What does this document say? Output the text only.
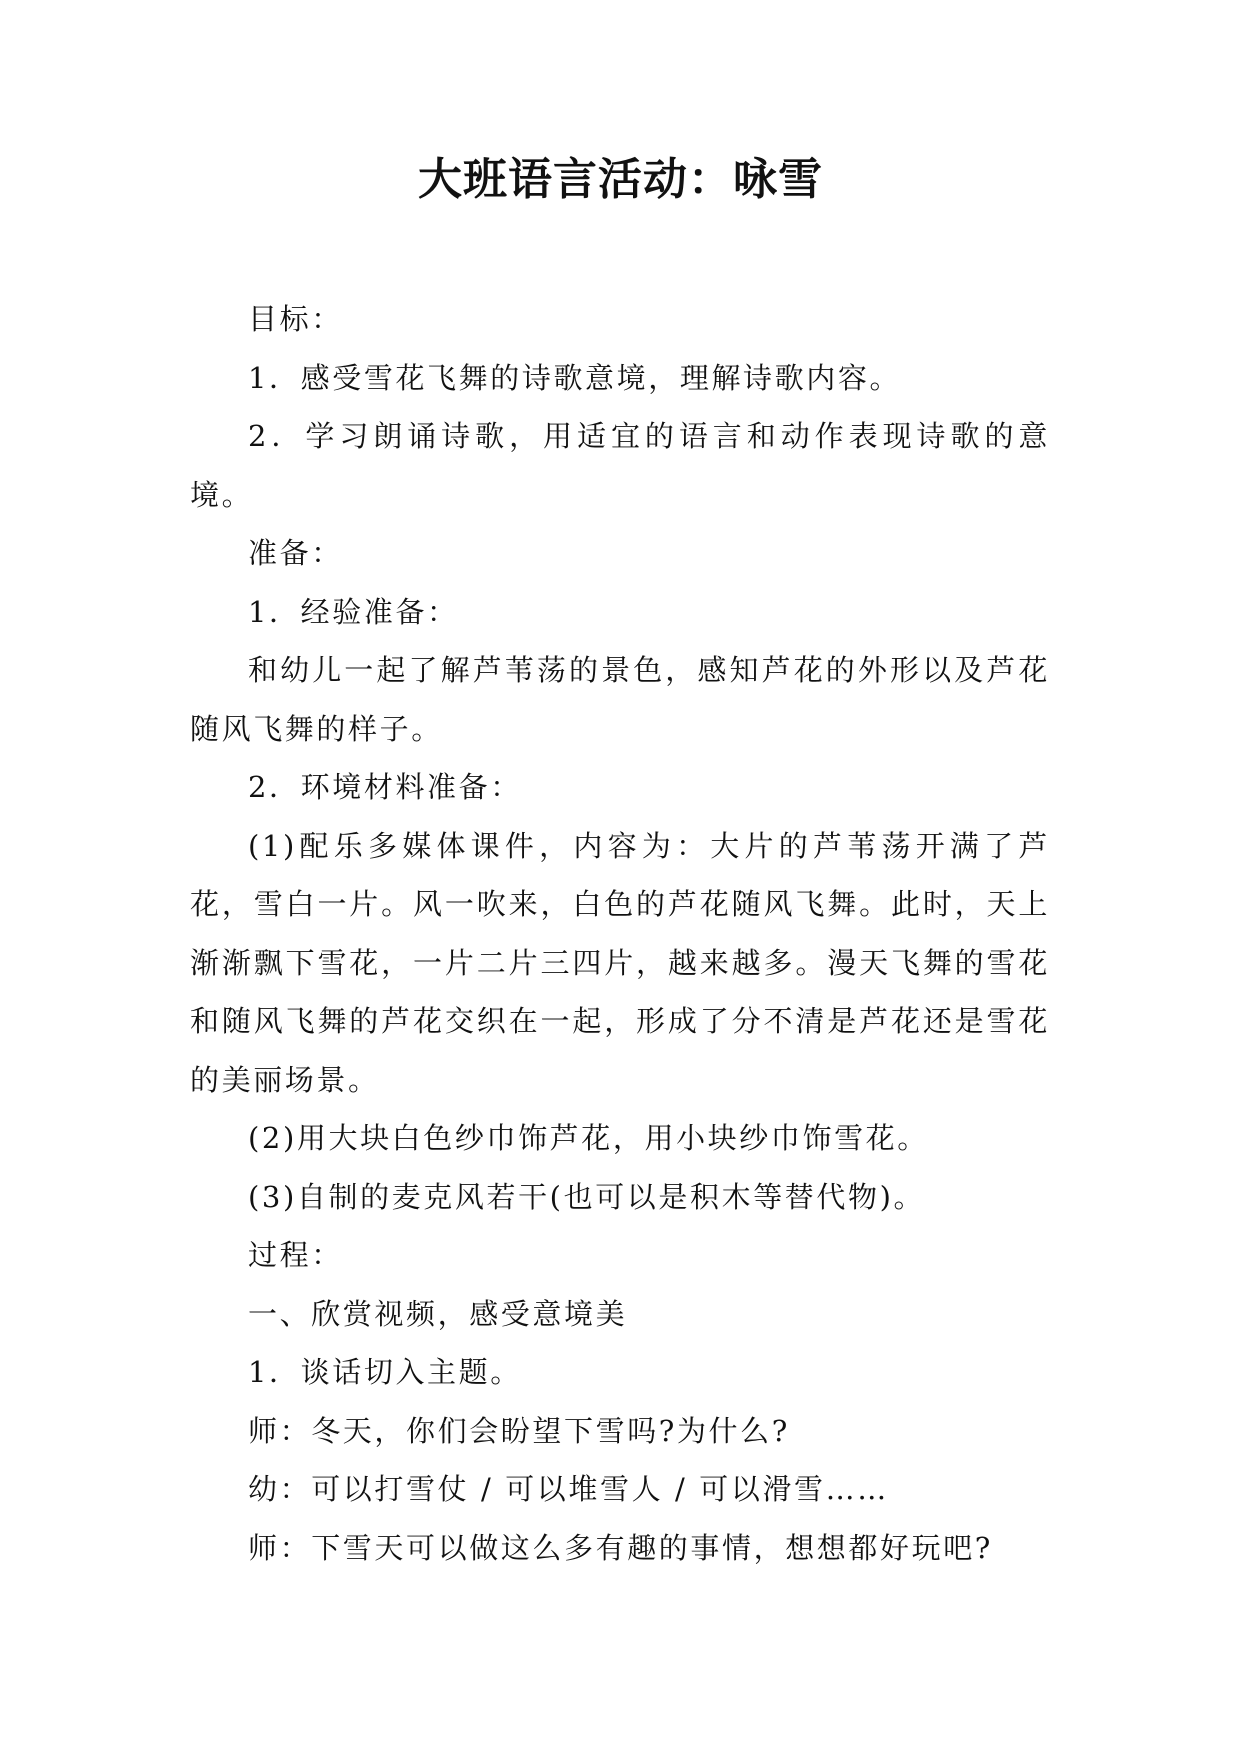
大班语言活动：咏雪

目标：

1．感受雪花飞舞的诗歌意境，理解诗歌内容。

2．学习朗诵诗歌，用适宜的语言和动作表现诗歌的意境。

准备：

1．经验准备：

和幼儿一起了解芦苇荡的景色，感知芦花的外形以及芦花随风飞舞的样子。

2．环境材料准备：

(1)配乐多媒体课件，内容为：大片的芦苇荡开满了芦花，雪白一片。风一吹来，白色的芦花随风飞舞。此时，天上渐渐飘下雪花，一片二片三四片，越来越多。漫天飞舞的雪花和随风飞舞的芦花交织在一起，形成了分不清是芦花还是雪花的美丽场景。

(2)用大块白色纱巾饰芦花，用小块纱巾饰雪花。

(3)自制的麦克风若干(也可以是积木等替代物)。

过程：

一、欣赏视频，感受意境美

1．谈话切入主题。

师：冬天，你们会盼望下雪吗?为什么?

幼：可以打雪仗 / 可以堆雪人 / 可以滑雪……

师：下雪天可以做这么多有趣的事情，想想都好玩吧?
